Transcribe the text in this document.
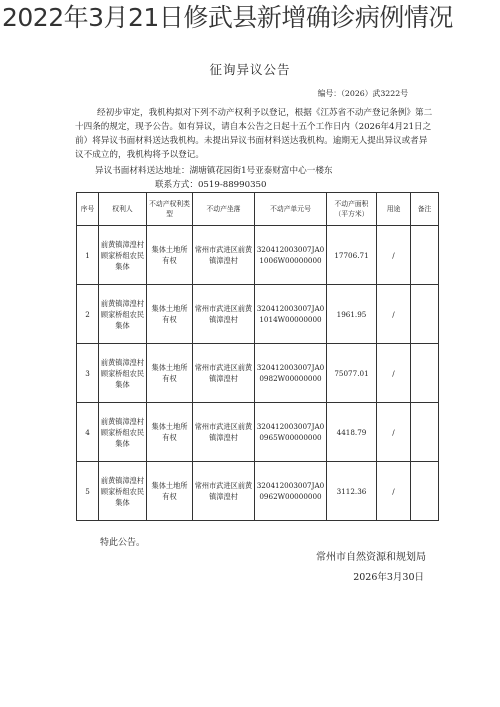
2022年3月21日修武县新增确诊病例情况
征询异议公告
编号：（2026）武3222号

经初步审定，我机构拟对下列不动产权利予以登记，根据《江苏省不动产登记条例》第二十四条的规定，现予公告。如有异议，请自本公告之日起十五个工作日内（2026年4月21日之前）将异议书面材料送达我机构。未提出异议书面材料送达我机构。逾期无人提出异议或者异议不成立的，我机构将予以登记。

异议书面材料送达地址：湖塘镇花园街1号亚泰财富中心一楼东
联系方式：0519-88990350
序号	权利人	不动产权利类型	不动产坐落	不动产单元号	不动产面积（平方米）	用途	备注
1	前黄镇漳湟村顾家桥组农民集体	集体土地所有权	常州市武进区前黄镇漳湟村	320412003007JA01006W00000000	17706.71	/	
2	前黄镇漳湟村顾家桥组农民集体	集体土地所有权	常州市武进区前黄镇漳湟村	320412003007JA01014W00000000	1961.95	/	
3	前黄镇漳湟村顾家桥组农民集体	集体土地所有权	常州市武进区前黄镇漳湟村	320412003007JA00982W00000000	75077.01	/	
4	前黄镇漳湟村顾家桥组农民集体	集体土地所有权	常州市武进区前黄镇漳湟村	320412003007JA00965W00000000	4418.79	/	
5	前黄镇漳湟村顾家桥组农民集体	集体土地所有权	常州市武进区前黄镇漳湟村	320412003007JA00962W00000000	3112.36	/	
特此公告。
常州市自然资源和规划局
2026年3月30日
